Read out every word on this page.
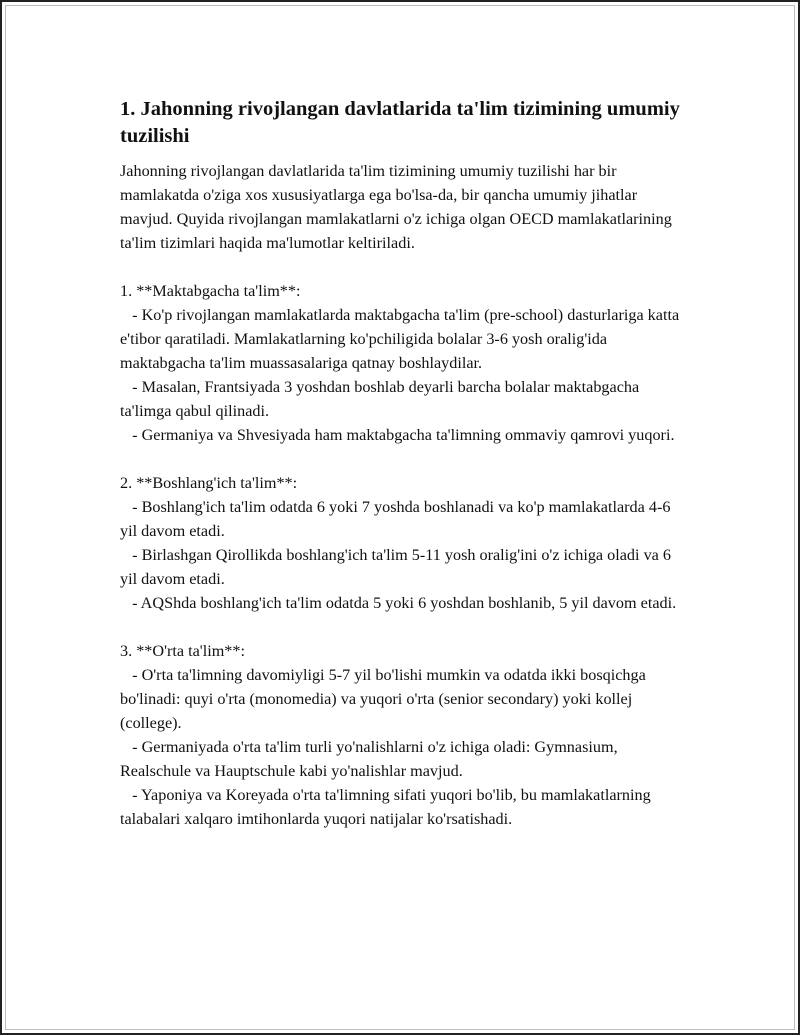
1. Jahonning rivojlangan davlatlarida ta'lim tizimining umumiy tuzilishi

Jahonning rivojlangan davlatlarida ta'lim tizimining umumiy tuzilishi har bir mamlakatda o'ziga xos xususiyatlarga ega bo'lsa-da, bir qancha umumiy jihatlar mavjud. Quyida rivojlangan mamlakatlarni o'z ichiga olgan OECD mamlakatlarining ta'lim tizimlari haqida ma'lumotlar keltiriladi.

1. **Maktabgacha ta'lim**:

- Ko'p rivojlangan mamlakatlarda maktabgacha ta'lim (pre-school) dasturlariga katta e'tibor qaratiladi. Mamlakatlarning ko'pchiligida bolalar 3-6 yosh oralig'ida maktabgacha ta'lim muassasalariga qatnay boshlaydilar.

- Masalan, Frantsiyada 3 yoshdan boshlab deyarli barcha bolalar maktabgacha ta'limga qabul qilinadi.

- Germaniya va Shvesiyada ham maktabgacha ta'limning ommaviy qamrovi yuqori.

2. **Boshlang'ich ta'lim**:

- Boshlang'ich ta'lim odatda 6 yoki 7 yoshda boshlanadi va ko'p mamlakatlarda 4-6 yil davom etadi.

- Birlashgan Qirollikda boshlang'ich ta'lim 5-11 yosh oralig'ini o'z ichiga oladi va 6 yil davom etadi.

- AQShda boshlang'ich ta'lim odatda 5 yoki 6 yoshdan boshlanib, 5 yil davom etadi.

3. **O'rta ta'lim**:

- O'rta ta'limning davomiyligi 5-7 yil bo'lishi mumkin va odatda ikki bosqichga bo'linadi: quyi o'rta (monomedia) va yuqori o'rta (senior secondary) yoki kollej (college).

- Germaniyada o'rta ta'lim turli yo'nalishlarni o'z ichiga oladi: Gymnasium, Realschule va Hauptschule kabi yo'nalishlar mavjud.

- Yaponiya va Koreyada o'rta ta'limning sifati yuqori bo'lib, bu mamlakatlarning talabalari xalqaro imtihonlarda yuqori natijalar ko'rsatishadi.
